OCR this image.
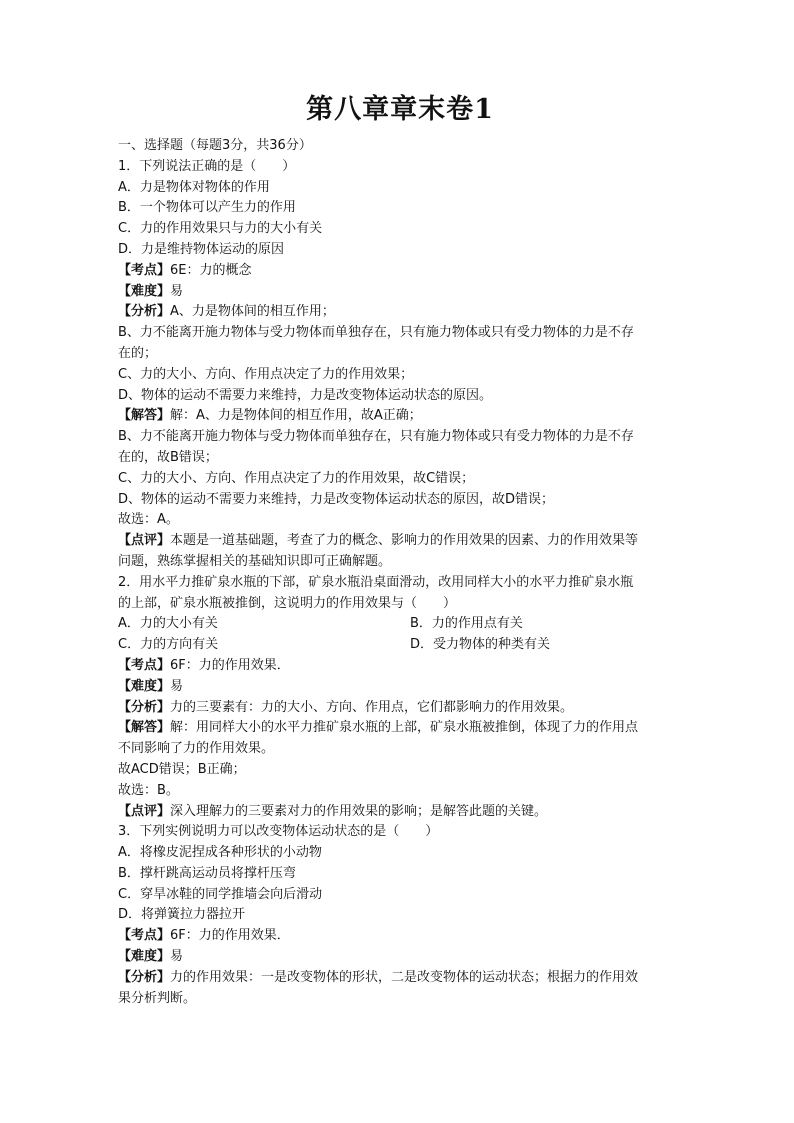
第八章章末卷1
一、选择题（每题3分，共36分）
1．下列说法正确的是（　　）
A．力是物体对物体的作用
B．一个物体可以产生力的作用
C．力的作用效果只与力的大小有关
D．力是维持物体运动的原因
【考点】6E：力的概念
【难度】易
【分析】A、力是物体间的相互作用；
B、力不能离开施力物体与受力物体而单独存在，只有施力物体或只有受力物体的力是不存
在的；
C、力的大小、方向、作用点决定了力的作用效果；
D、物体的运动不需要力来维持，力是改变物体运动状态的原因。
【解答】解：A、力是物体间的相互作用，故A正确；
B、力不能离开施力物体与受力物体而单独存在，只有施力物体或只有受力物体的力是不存
在的，故B错误；
C、力的大小、方向、作用点决定了力的作用效果，故C错误；
D、物体的运动不需要力来维持，力是改变物体运动状态的原因，故D错误；
故选：A。
【点评】本题是一道基础题，考查了力的概念、影响力的作用效果的因素、力的作用效果等
问题，熟练掌握相关的基础知识即可正确解题。
2．用水平力推矿泉水瓶的下部，矿泉水瓶沿桌面滑动，改用同样大小的水平力推矿泉水瓶
的上部，矿泉水瓶被推倒，这说明力的作用效果与（　　）
A．力的大小有关	B．力的作用点有关
C．力的方向有关	D．受力物体的种类有关
【考点】6F：力的作用效果．
【难度】易
【分析】力的三要素有：力的大小、方向、作用点，它们都影响力的作用效果。
【解答】解：用同样大小的水平力推矿泉水瓶的上部，矿泉水瓶被推倒，体现了力的作用点
不同影响了力的作用效果。
故ACD错误；B正确；
故选：B。
【点评】深入理解力的三要素对力的作用效果的影响；是解答此题的关键。
3．下列实例说明力可以改变物体运动状态的是（　　）
A．将橡皮泥捏成各种形状的小动物
B．撑杆跳高运动员将撑杆压弯
C．穿旱冰鞋的同学推墙会向后滑动
D．将弹簧拉力器拉开
【考点】6F：力的作用效果．
【难度】易
【分析】力的作用效果：一是改变物体的形状，二是改变物体的运动状态；根据力的作用效
果分析判断。
